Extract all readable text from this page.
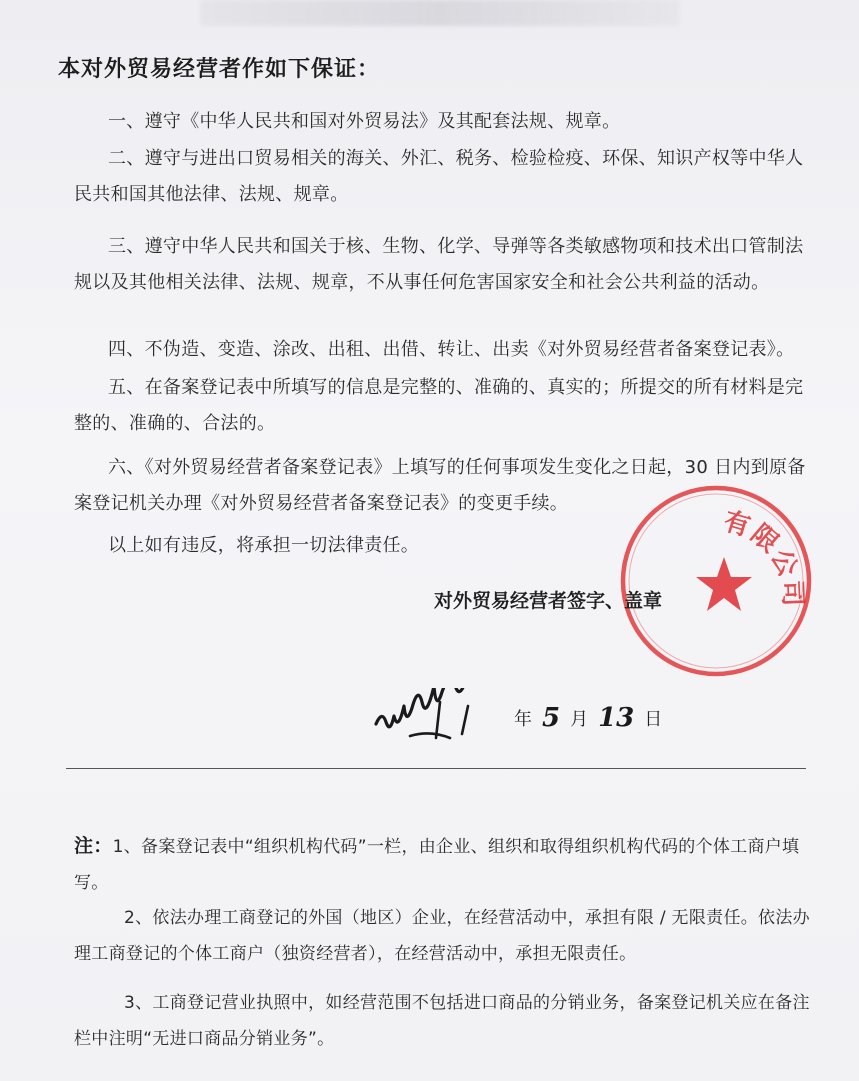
本对外贸易经营者作如下保证：
一、遵守《中华人民共和国对外贸易法》及其配套法规、规章。
二、遵守与进出口贸易相关的海关、外汇、税务、检验检疫、环保、知识产权等中华人民共和国其他法律、法规、规章。
三、遵守中华人民共和国关于核、生物、化学、导弹等各类敏感物项和技术出口管制法规以及其他相关法律、法规、规章，不从事任何危害国家安全和社会公共利益的活动。
四、不伪造、变造、涂改、出租、出借、转让、出卖《对外贸易经营者备案登记表》。
五、在备案登记表中所填写的信息是完整的、准确的、真实的；所提交的所有材料是完整的、准确的、合法的。
六、《对外贸易经营者备案登记表》上填写的任何事项发生变化之日起，30 日内到原备案登记机关办理《对外贸易经营者备案登记表》的变更手续。
以上如有违反，将承担一切法律责任。
有限公司
对外贸易经营者签字、盖章
年 5 月 13 日
注：1、备案登记表中“组织机构代码”一栏，由企业、组织和取得组织机构代码的个体工商户填写。
2、依法办理工商登记的外国（地区）企业，在经营活动中，承担有限 / 无限责任。依法办理工商登记的个体工商户（独资经营者），在经营活动中，承担无限责任。
3、工商登记营业执照中，如经营范围不包括进口商品的分销业务，备案登记机关应在备注栏中注明“无进口商品分销业务”。
